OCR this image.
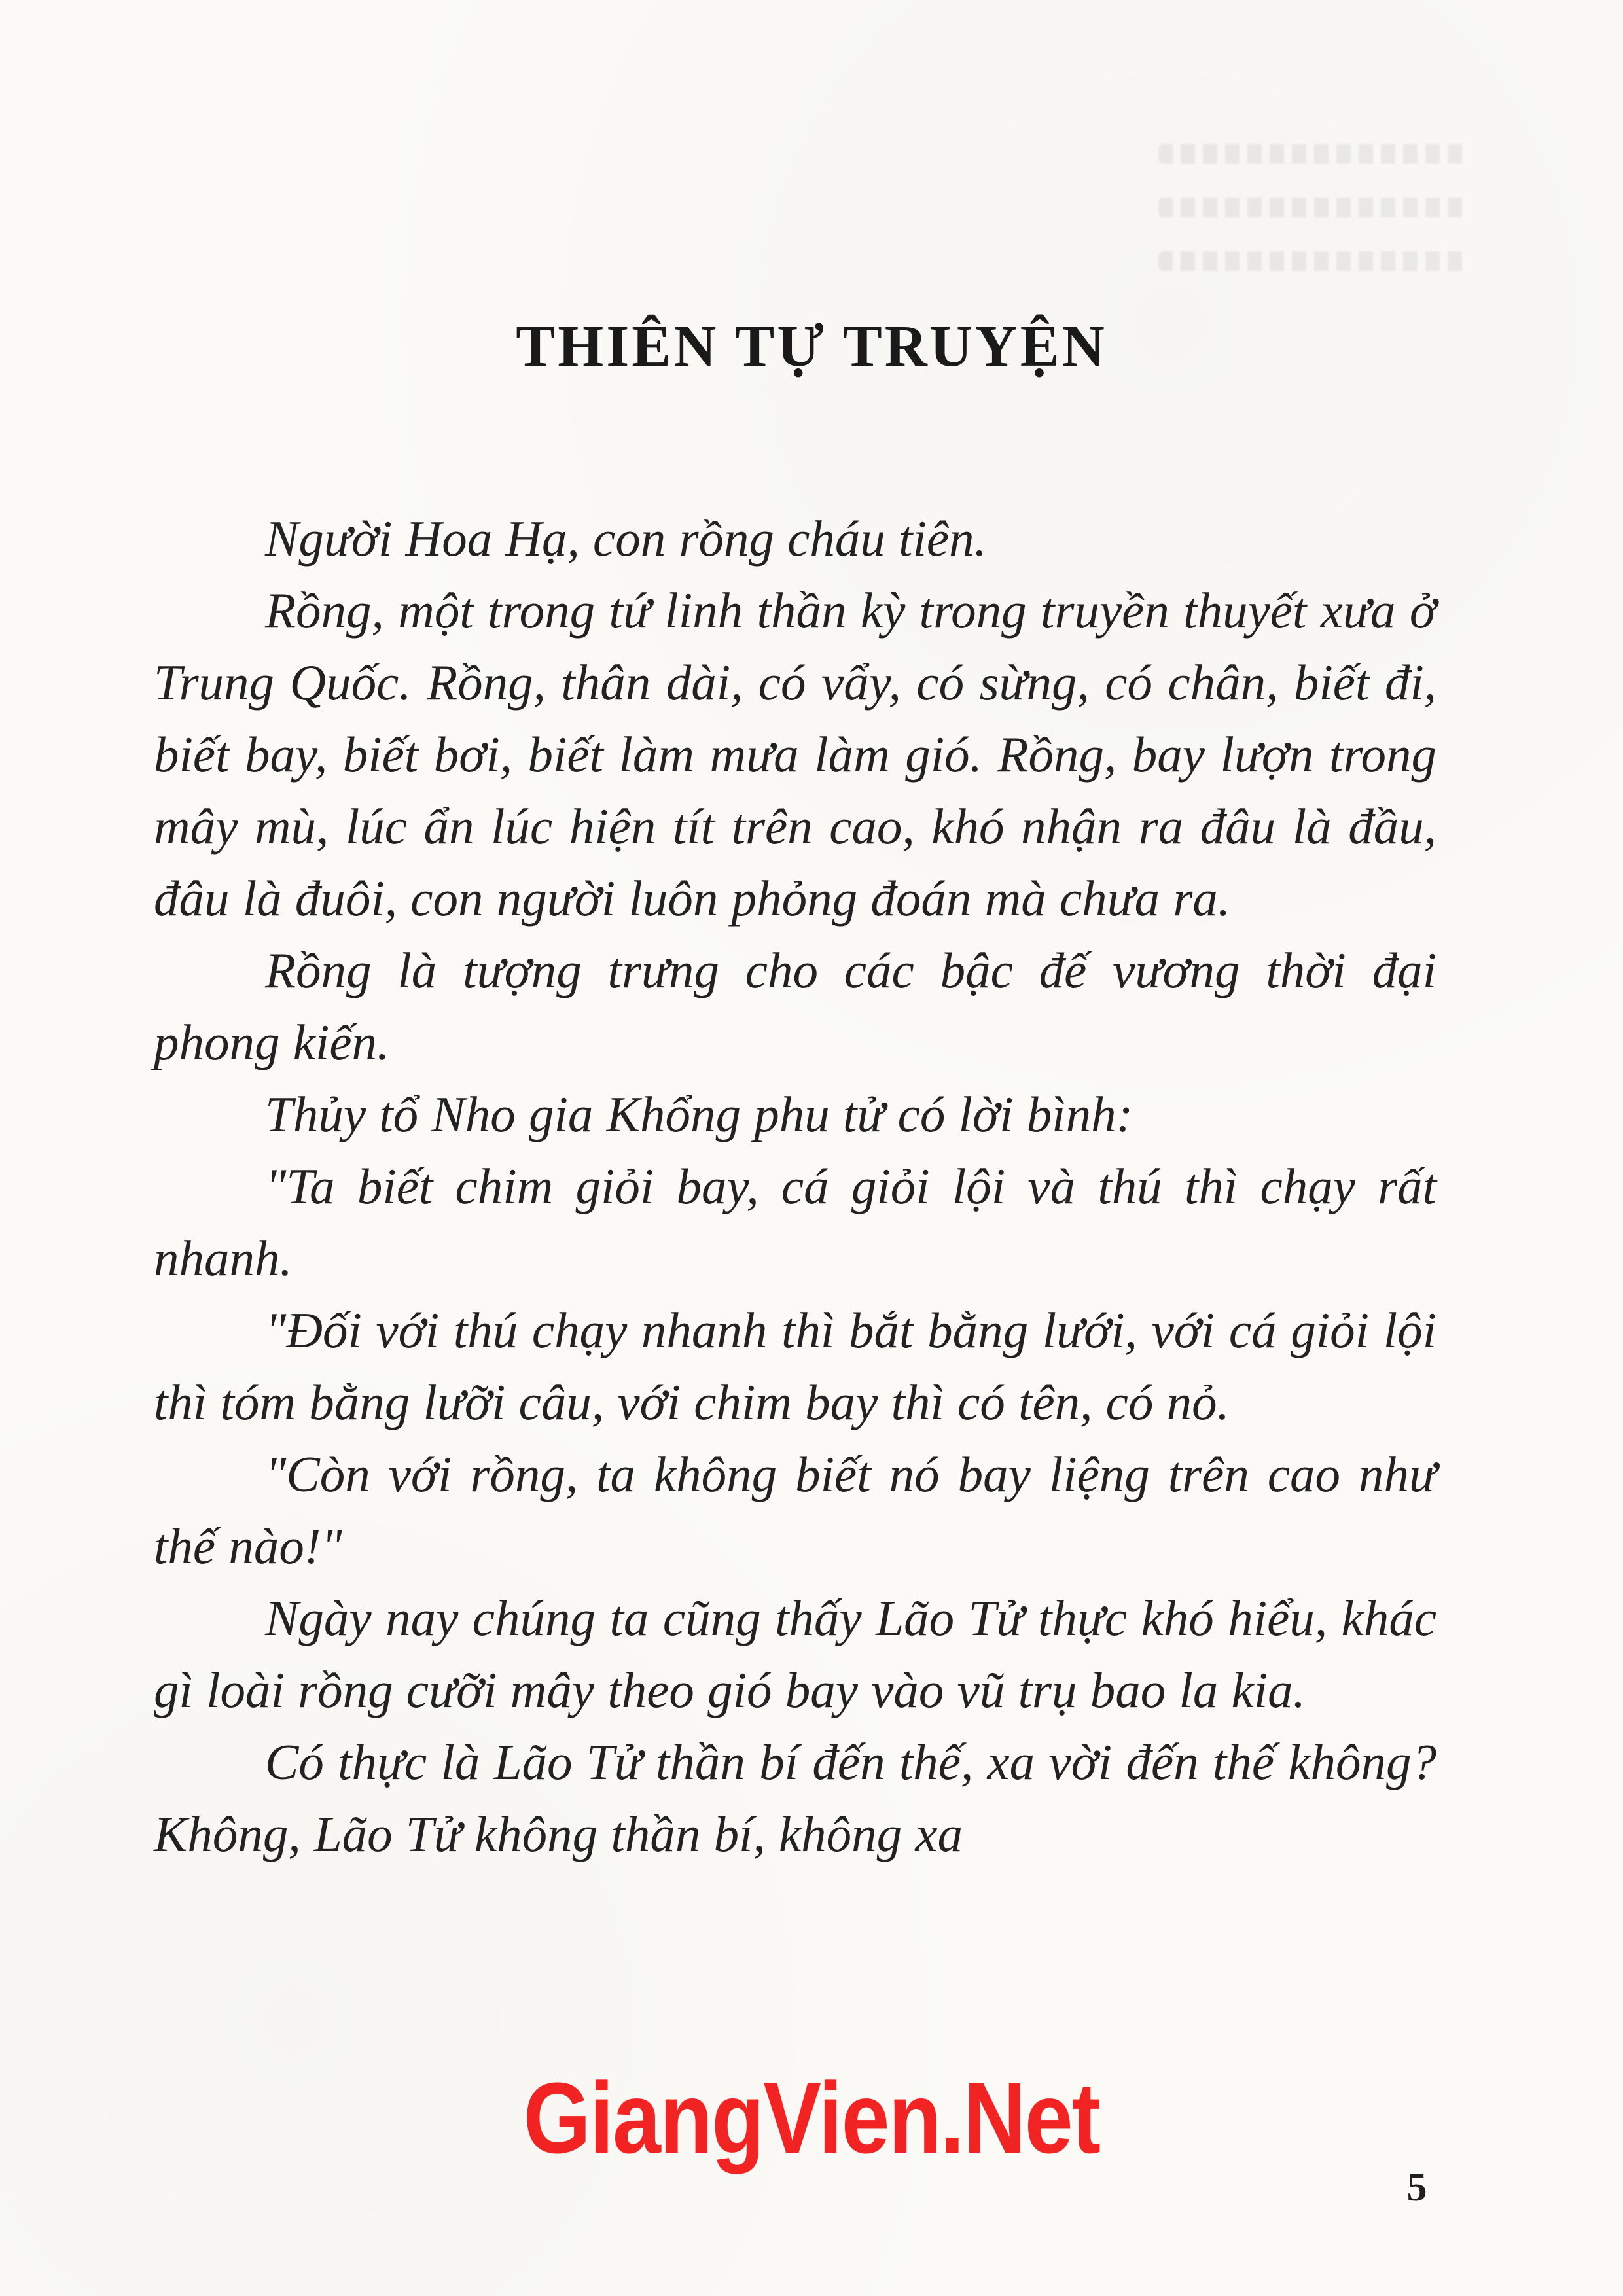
THIÊN TỰ TRUYỆN

Người Hoa Hạ, con rồng cháu tiên.

Rồng, một trong tứ linh thần kỳ trong truyền thuyết xưa ở Trung Quốc. Rồng, thân dài, có vẩy, có sừng, có chân, biết đi, biết bay, biết bơi, biết làm mưa làm gió. Rồng, bay lượn trong mây mù, lúc ẩn lúc hiện tít trên cao, khó nhận ra đâu là đầu, đâu là đuôi, con người luôn phỏng đoán mà chưa ra.

Rồng là tượng trưng cho các bậc đế vương thời đại phong kiến.

Thủy tổ Nho gia Khổng phu tử có lời bình:

"Ta biết chim giỏi bay, cá giỏi lội và thú thì chạy rất nhanh.

"Đối với thú chạy nhanh thì bắt bằng lưới, với cá giỏi lội thì tóm bằng lưỡi câu, với chim bay thì có tên, có nỏ.

"Còn với rồng, ta không biết nó bay liệng trên cao như thế nào!"

Ngày nay chúng ta cũng thấy Lão Tử thực khó hiểu, khác gì loài rồng cưỡi mây theo gió bay vào vũ trụ bao la kia.

Có thực là Lão Tử thần bí đến thế, xa vời đến thế không? Không, Lão Tử không thần bí, không xa

GiangVien.Net
5
